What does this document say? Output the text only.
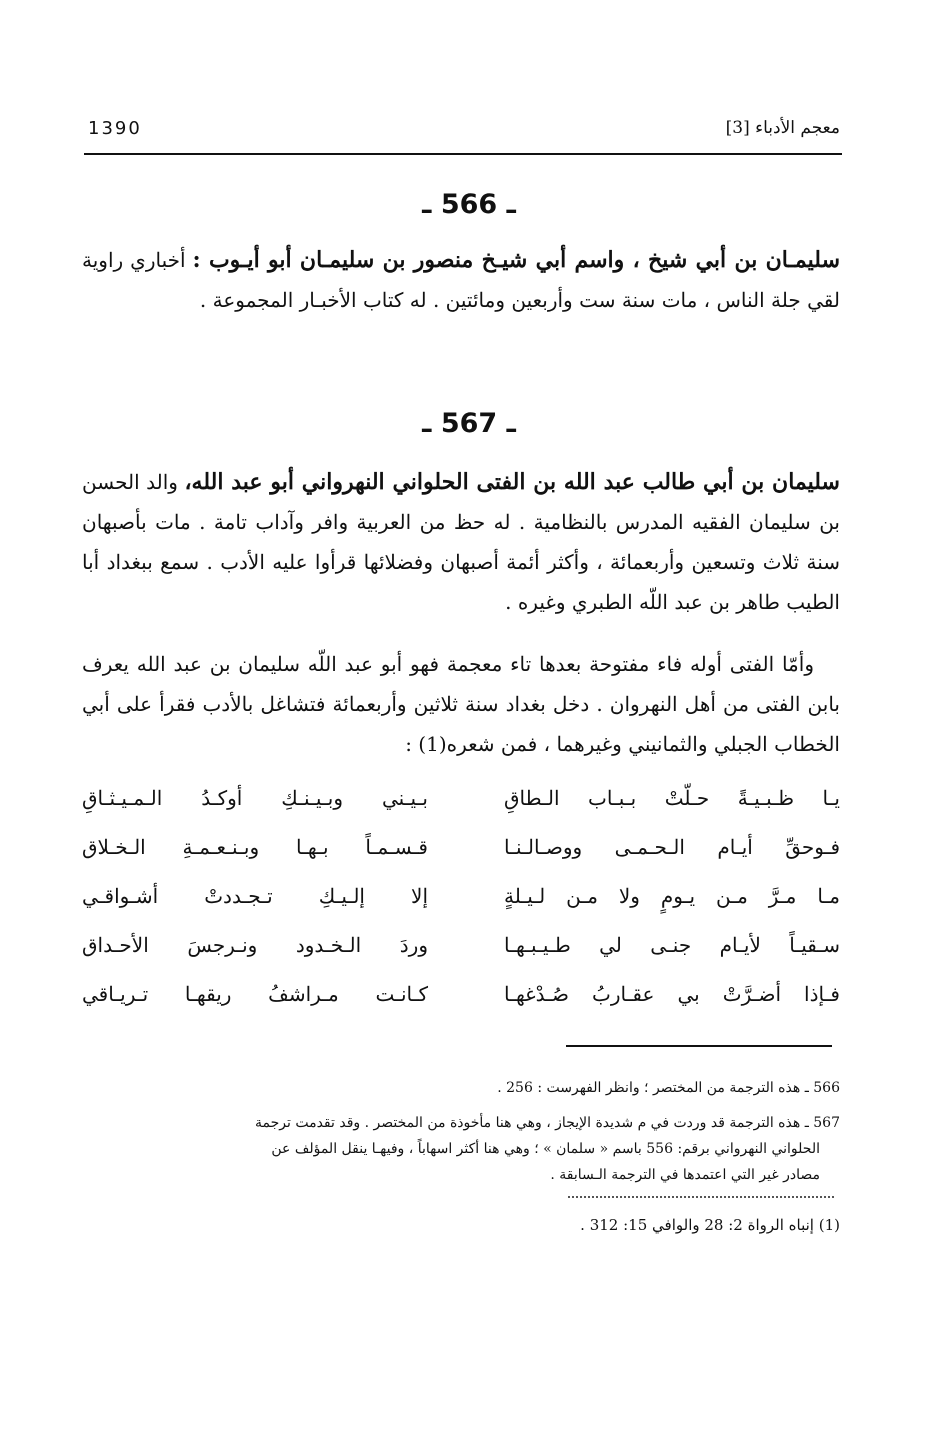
معجم الأدباء [3]
1390
ـ 566 ـ
سليمـان بن أبي شيخ ، واسم أبي شيـخ منصور بن سليمـان أبو أيـوب : أخباري راوية لقي جلة الناس ، مات سنة ست وأربعين ومائتين . له كتاب الأخبـار المجموعة .
ـ 567 ـ
سليمان بن أبي طالب عبد الله بن الفتى الحلواني النهرواني أبو عبد الله، والد الحسن بن سليمان الفقيه المدرس بالنظامية . له حظ من العربية وافر وآداب تامة . مات بأصبهان سنة ثلاث وتسعين وأربعمائة ، وأكثر أئمة أصبهان وفضلائها قرأوا عليه الأدب . سمع ببغداد أبا الطيب طاهر بن عبد اللّه الطبري وغيره .
وأمّا الفتى أوله فاء مفتوحة بعدها تاء معجمة فهو أبو عبد اللّه سليمان بن عبد الله يعرف بابن الفتى من أهل النهروان . دخل بغداد سنة ثلاثين وأربعمائة فتشاغل بالأدب فقرأ على أبي الخطاب الجبلي والثمانيني وغيرهما ، فمن شعره(1) :
يـا ظـبـيـةً حـلّتْ بـبـاب الـطاقِ
بـيـني وبـيـنـكِ أوكـدُ الـمـيـثـاقِ
فـوحقِّ أيـام الـحـمـى ووصـالـنـا
قـسـمـاً بـهـا وبـنـعـمـةِ الـخـلاق
مـا مـرَّ مـن يـومٍ ولا مـن لـيـلةٍ
إلا إلـيـكِ تـجـددتْ أشـواقـي
سـقيـاً لأيـام جنـى لي طـيـبـهـا
وردَ الـخـدود ونـرجسَ الأحـداق
فـإذا أضـرَّتْ بي عقـاربُ صُـدْغهـا
كـانـت مـراشفُ ريقهـا تـريـاقي
566 ـ هذه الترجمة من المختصر ؛ وانظر الفهرست : 256 .
567 ـ هذه الترجمة قد وردت في م شديدة الإيجاز ، وهي هنا مأخوذة من المختصر . وقد تقدمت ترجمة
الحلواني النهرواني برقم: 556 باسم « سلمان » ؛ وهي هنا أكثر اسهاباً ، وفيهـا ينقل المؤلف عن
مصادر غير التي اعتمدها في الترجمة الـسابقة .
(1) إنباه الرواة 2: 28 والوافي 15: 312 .
